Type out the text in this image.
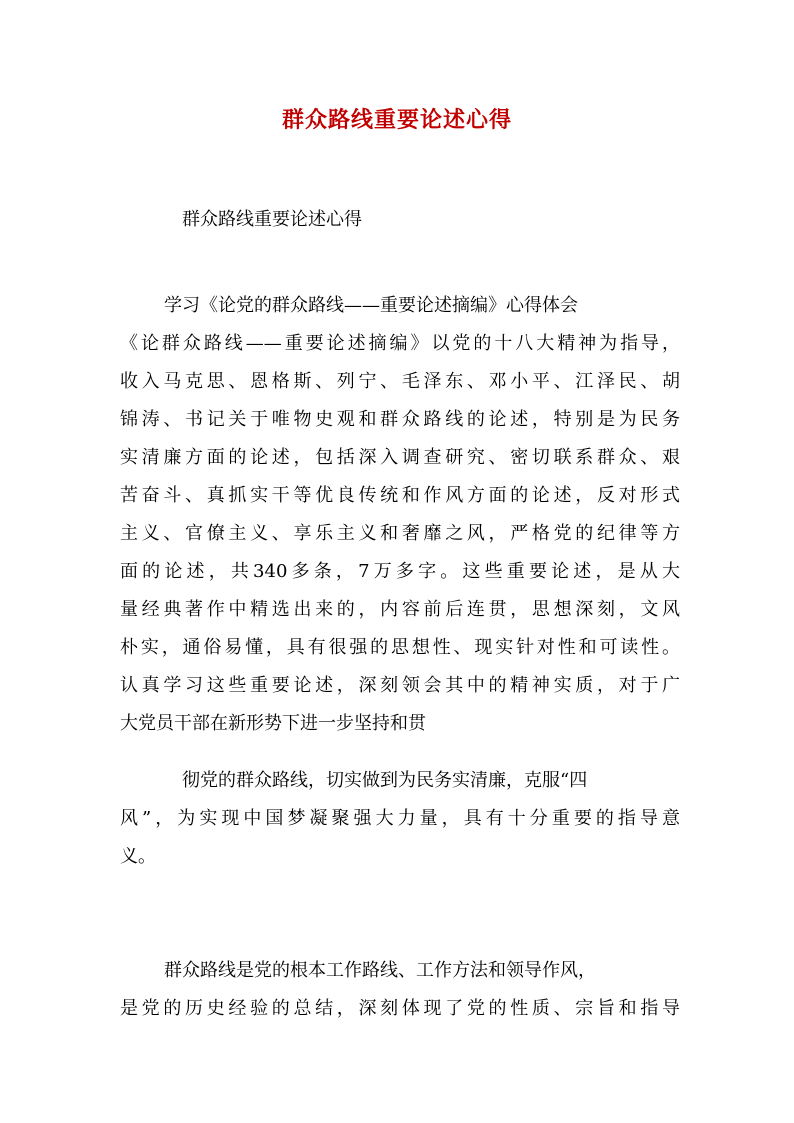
群众路线重要论述心得
群众路线重要论述心得
学习《论党的群众路线——重要论述摘编》心得体会
《论群众路线——重要论述摘编》以党的十八大精神为指导，
收入马克思、恩格斯、列宁、毛泽东、邓小平、江泽民、胡
锦涛、书记关于唯物史观和群众路线的论述，特别是为民务
实清廉方面的论述，包括深入调查研究、密切联系群众、艰
苦奋斗、真抓实干等优良传统和作风方面的论述，反对形式
主义、官僚主义、享乐主义和奢靡之风，严格党的纪律等方
面的论述，共340多条，7万多字。这些重要论述，是从大
量经典著作中精选出来的，内容前后连贯，思想深刻，文风
朴实，通俗易懂，具有很强的思想性、现实针对性和可读性。
认真学习这些重要论述，深刻领会其中的精神实质，对于广
大党员干部在新形势下进一步坚持和贯
彻党的群众路线，切实做到为民务实清廉，克服“四
风”，为实现中国梦凝聚强大力量，具有十分重要的指导意
义。
群众路线是党的根本工作路线、工作方法和领导作风，
是党的历史经验的总结，深刻体现了党的性质、宗旨和指导
